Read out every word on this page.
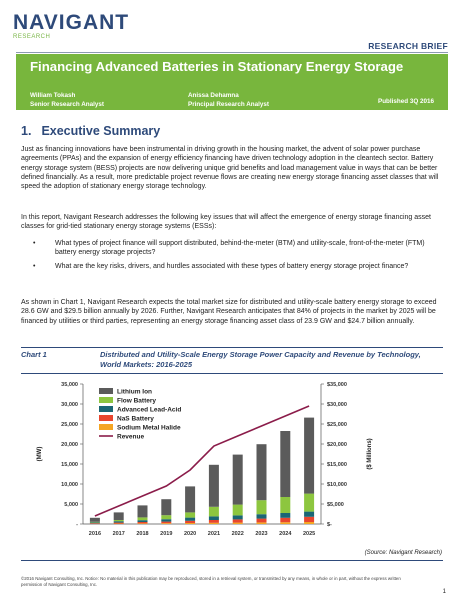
NAVIGANT
RESEARCH
RESEARCH BRIEF
Financing Advanced Batteries in Stationary Energy Storage
William Tokash
Senior Research Analyst
Anissa Dehamna
Principal Research Analyst	Published 3Q 2016
1. Executive Summary
Just as financing innovations have been instrumental in driving growth in the housing market, the advent of solar power purchase agreements (PPAs) and the expansion of energy efficiency financing have driven technology adoption in the cleantech sector. Battery energy storage system (BESS) projects are now delivering unique grid benefits and load management value in ways that can be better defined financially. As a result, more predictable project revenue flows are creating new energy storage financing asset classes that will speed the adoption of stationary energy storage technology.
In this report, Navigant Research addresses the following key issues that will affect the emergence of energy storage financing asset classes for grid-tied stationary energy storage systems (ESSs):
•	What types of project finance will support distributed, behind-the-meter (BTM) and utility-scale, front-of-the-meter (FTM) battery energy storage projects?
•	What are the key risks, drivers, and hurdles associated with these types of battery energy storage project finance?
As shown in Chart 1, Navigant Research expects the total market size for distributed and utility-scale battery energy storage to exceed 28.6 GW and $29.5 billion annually by 2026. Further, Navigant Research anticipates that 84% of projects in the market by 2025 will be financed by utilities or third parties, representing an energy storage financing asset class of 23.9 GW and $24.7 billion annually.
Chart 1	Distributed and Utility-Scale Energy Storage Power Capacity and Revenue by Technology, World Markets: 2016-2025
-
5,000
10,000
15,000
20,000
25,000
30,000
35,000
$-
$5,000
$10,000
$15,000
$20,000
$25,000
$30,000
$35,000
(MW)	($ Millions)
2016 2017 2018 2019 2020 2021 2022 2023 2024 2025
Lithium Ion
Flow Battery
Advanced Lead-Acid
NaS Battery
Sodium Metal Halide
Revenue
(Source: Navigant Research)
©2016 Navigant Consulting, Inc. Notice: No material in this publication may be reproduced, stored in a retrieval system, or transmitted by any means, in whole or in part, without the express written permission of Navigant Consulting, Inc.
1
